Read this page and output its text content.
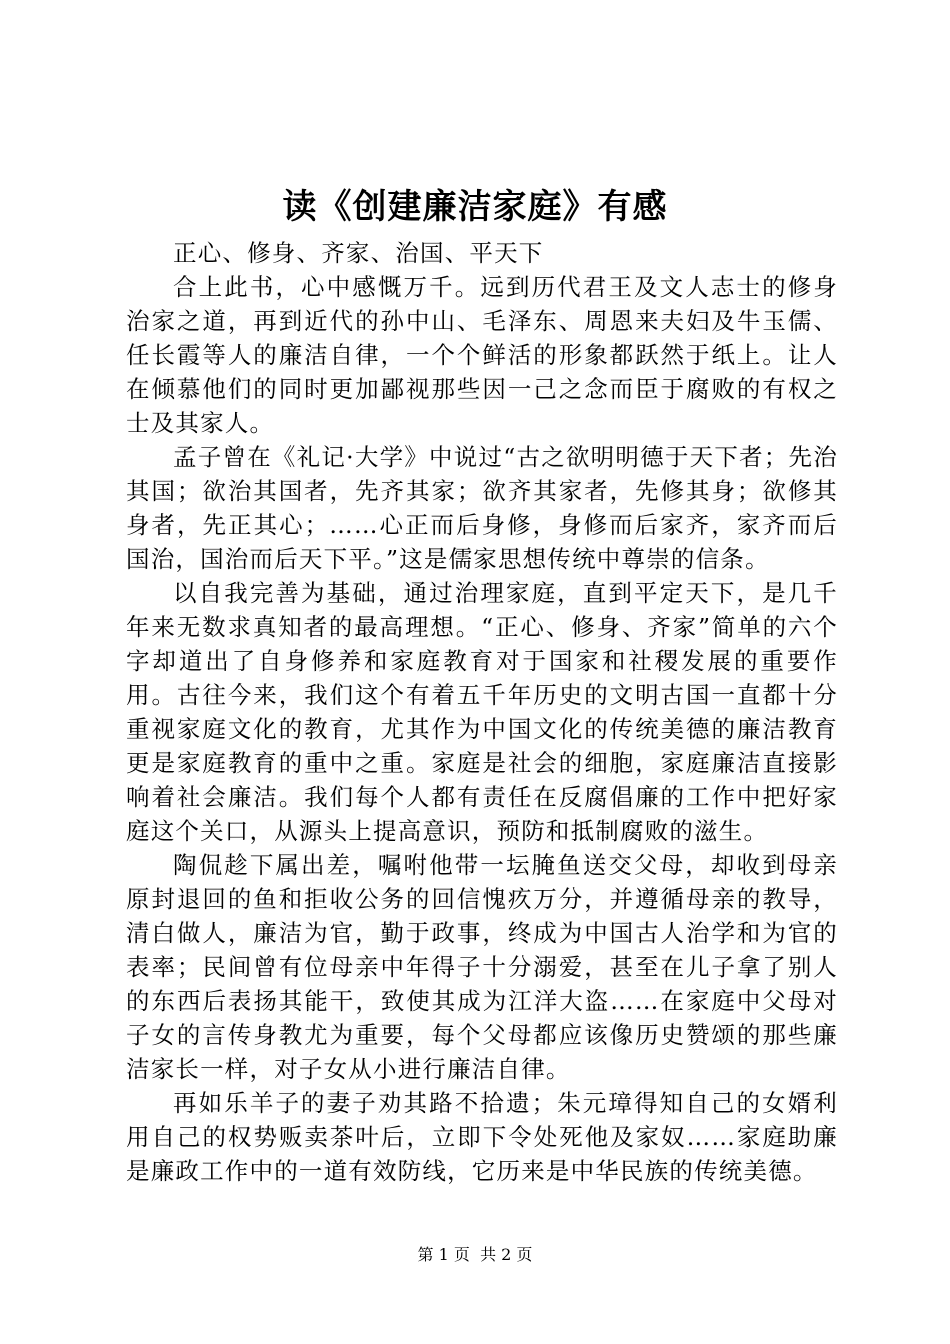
读《创建廉洁家庭》有感

正心、修身、齐家、治国、平天下

合上此书，心中感慨万千。远到历代君王及文人志士的修身治家之道，再到近代的孙中山、毛泽东、周恩来夫妇及牛玉儒、任长霞等人的廉洁自律，一个个鲜活的形象都跃然于纸上。让人在倾慕他们的同时更加鄙视那些因一己之念而臣于腐败的有权之士及其家人。

孟子曾在《礼记·大学》中说过“古之欲明明德于天下者；先治其国；欲治其国者，先齐其家；欲齐其家者，先修其身；欲修其身者，先正其心；……心正而后身修，身修而后家齐，家齐而后国治，国治而后天下平。”这是儒家思想传统中尊崇的信条。

以自我完善为基础，通过治理家庭，直到平定天下，是几千年来无数求真知者的最高理想。“正心、修身、齐家”简单的六个字却道出了自身修养和家庭教育对于国家和社稷发展的重要作用。古往今来，我们这个有着五千年历史的文明古国一直都十分重视家庭文化的教育，尤其作为中国文化的传统美德的廉洁教育更是家庭教育的重中之重。家庭是社会的细胞，家庭廉洁直接影响着社会廉洁。我们每个人都有责任在反腐倡廉的工作中把好家庭这个关口，从源头上提高意识，预防和抵制腐败的滋生。

陶侃趁下属出差，嘱咐他带一坛腌鱼送交父母，却收到母亲原封退回的鱼和拒收公务的回信愧疚万分，并遵循母亲的教导，清白做人，廉洁为官，勤于政事，终成为中国古人治学和为官的表率；民间曾有位母亲中年得子十分溺爱，甚至在儿子拿了别人的东西后表扬其能干，致使其成为江洋大盗……在家庭中父母对子女的言传身教尤为重要，每个父母都应该像历史赞颂的那些廉洁家长一样，对子女从小进行廉洁自律。

再如乐羊子的妻子劝其路不拾遗；朱元璋得知自己的女婿利用自己的权势贩卖茶叶后，立即下令处死他及家奴……家庭助廉是廉政工作中的一道有效防线，它历来是中华民族的传统美德。

第 1 页  共 2 页
